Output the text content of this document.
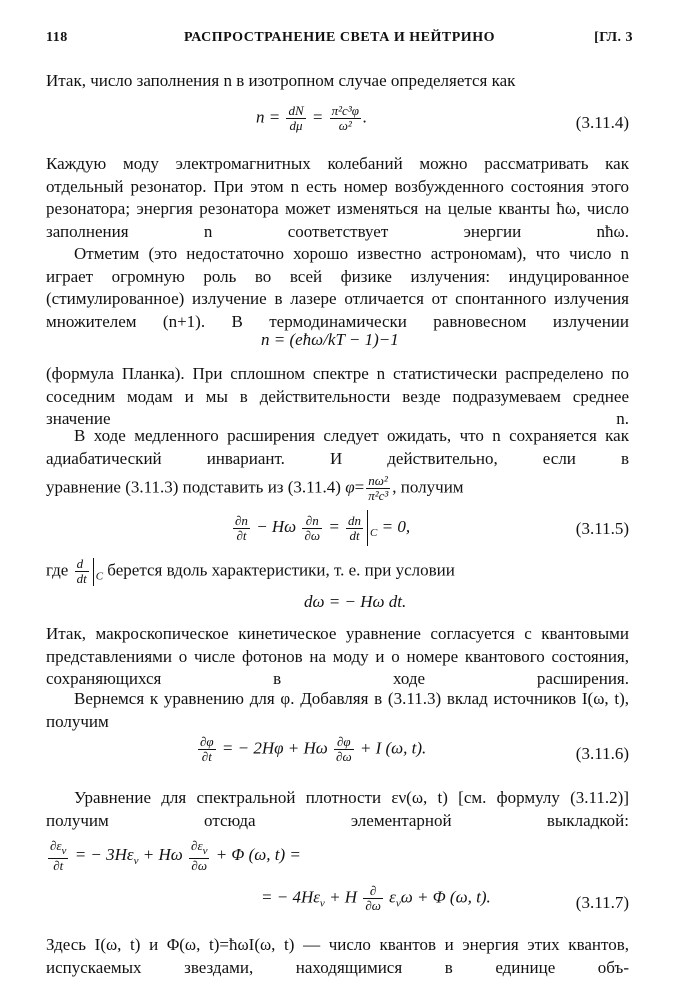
118	РАСПРОСТРАНЕНИЕ СВЕТА И НЕЙТРИНО	[ГЛ. 3
Итак, число заполнения n в изотропном случае определяется как
$n = \frac{dN}{d\mu} = \frac{\text{π²c³φ}}{\text{ω²}}$ .	(3.11.4)
Каждую моду электромагнитных колебаний можно рассматривать как отдельный резонатор. При этом n есть номер возбужденного состояния этого резонатора; энергия резонатора может изменяться на целые кванты ħω, число заполнения n соответствует энергии nħω.
Отметим (это недостаточно хорошо известно астрономам), что число n играет огромную роль во всей физике излучения: индуцированное (стимулированное) излучение в лазере отличается от спонтанного излучения множителем (n+1). В термодинамически равновесном излучении
n = (eħω/kT − 1)−1
(формула Планка). При сплошном спектре n статистически распределено по соседним модам и мы в действительности везде подразумеваем среднее значение n.
В ходе медленного расширения следует ожидать, что n сохраняется как адиабатический инвариант. И действительно, если в
уравнение (3.11.3) подставить из (3.11.4) $\varphi= \frac{\text{nω²}}{\text{π²c³}}$ , получим
$\frac{\partial n}{\partial t} - H\omega \frac{\partial n}{\partial\omega} = \frac{dn}{dt} _C = 0$,	(3.11.5)
где $\frac{d}{dt} _C$ берется вдоль характеристики, т. е. при условии
dω = − Hω dt.
Итак, макроскопическое кинетическое уравнение согласуется с квантовыми представлениями о числе фотонов на моду и о номере квантового состояния, сохраняющихся в ходе расширения.
Вернемся к уравнению для φ. Добавляя в (3.11.3) вклад источников I(ω, t), получим
$\frac{\partial\varphi}{\partial t}$ = − 2Hφ + Hω $\frac{\partial\varphi}{\partial\omega} + I$ (ω, t).	(3.11.6)
Уравнение для спектральной плотности εν(ω, t) [см. формулу (3.11.2)] получим отсюда элементарной выкладкой:
$\frac{\partial\varepsilon_\nu}{\partial t}$ = − $3H\varepsilon_\nu + H\omega \frac{\partial\varepsilon_\nu}{\partial\omega} + \Phi$ (ω, t) =
= − $4H\varepsilon_\nu + H \frac{\partial}{\partial\omega} \varepsilon_\nu\omega + \Phi$ (ω, t).	(3.11.7)
Здесь I(ω, t) и Φ(ω, t)=ħωI(ω, t) — число квантов и энергия этих квантов, испускаемых звездами, находящимися в единице объ-
